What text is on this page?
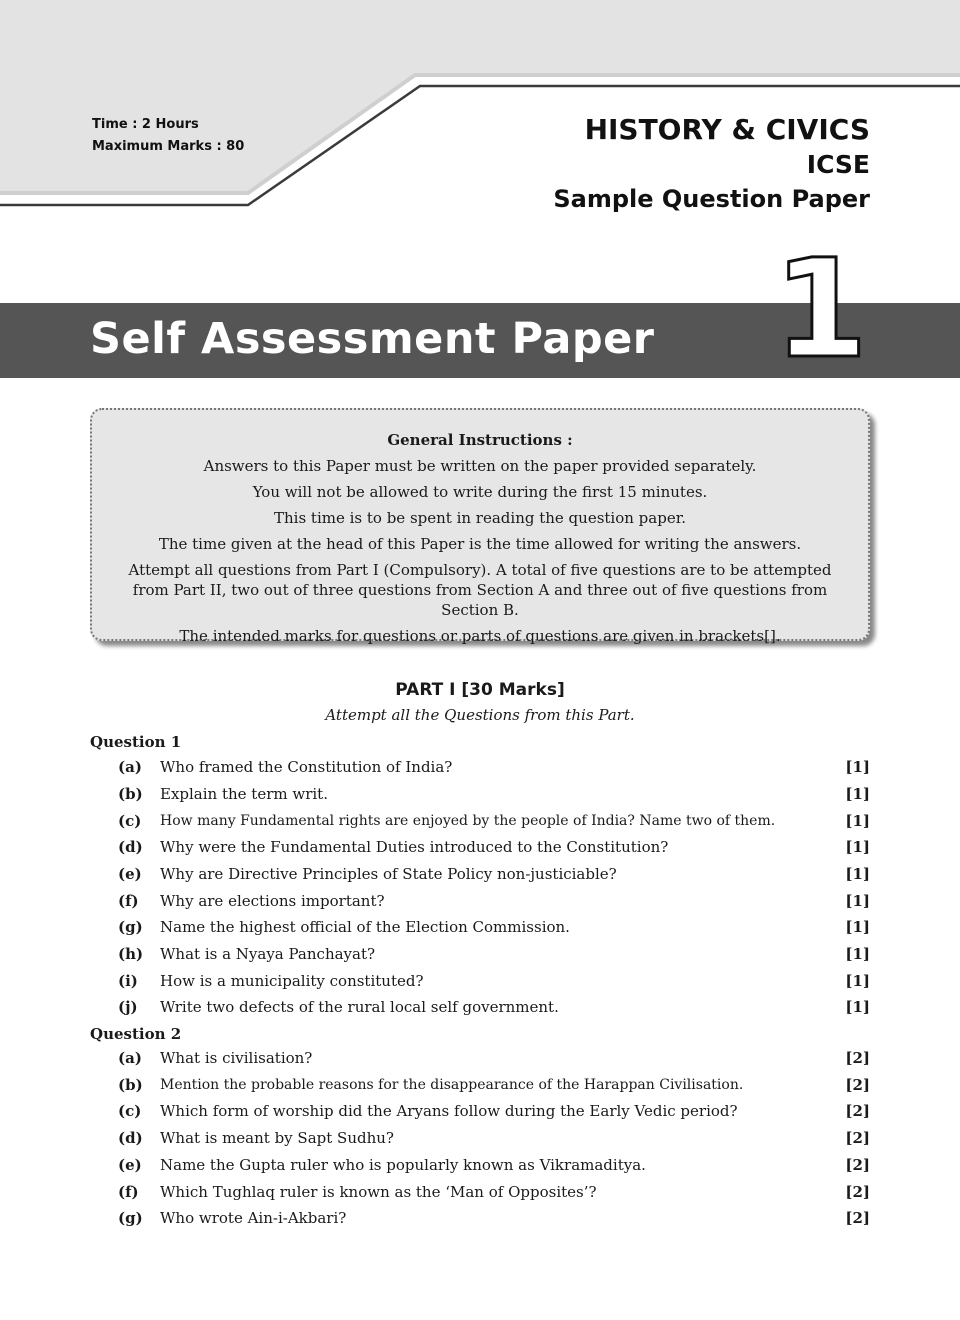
Time : 2 Hours
Maximum Marks : 80
HISTORY & CIVICS
ICSE
Sample Question Paper
Self Assessment Paper 1
General Instructions :
Answers to this Paper must be written on the paper provided separately.
You will not be allowed to write during the first 15 minutes.
This time is to be spent in reading the question paper.
The time given at the head of this Paper is the time allowed for writing the answers.
Attempt all questions from Part I (Compulsory). A total of five questions are to be attempted from Part II, two out of three questions from Section A and three out of five questions from Section B.
The intended marks for questions or parts of questions are given in brackets[].
PART I [30 Marks]
Attempt all the Questions from this Part.
Question 1
(a)	Who framed the Constitution of India?	[1]
(b)	Explain the term writ.	[1]
(c)	How many Fundamental rights are enjoyed by the people of India? Name two of them.	[1]
(d)	Why were the Fundamental Duties introduced to the Constitution?	[1]
(e)	Why are Directive Principles of State Policy non-justiciable?	[1]
(f)	Why are elections important?	[1]
(g)	Name the highest official of the Election Commission.	[1]
(h)	What is a Nyaya Panchayat?	[1]
(i)	How is a municipality constituted?	[1]
(j)	Write two defects of the rural local self government.	[1]
Question 2
(a)	What is civilisation?	[2]
(b)	Mention the probable reasons for the disappearance of the Harappan Civilisation.	[2]
(c)	Which form of worship did the Aryans follow during the Early Vedic period?	[2]
(d)	What is meant by Sapt Sudhu?	[2]
(e)	Name the Gupta ruler who is popularly known as Vikramaditya.	[2]
(f)	Which Tughlaq ruler is known as the ‘Man of Opposites’?	[2]
(g)	Who wrote Ain-i-Akbari?	[2]
